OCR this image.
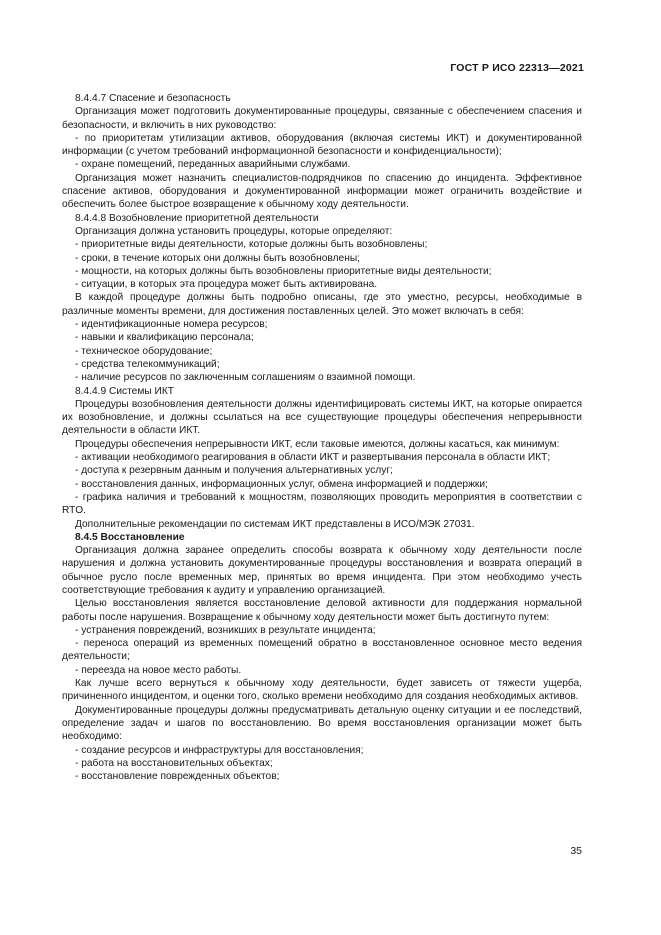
ГОСТ Р ИСО 22313—2021

8.4.4.7 Спасение и безопасность

Организация может подготовить документированные процедуры, связанные с обеспечением спасения и безопасности, и включить в них руководство:

- по приоритетам утилизации активов, оборудования (включая системы ИКТ) и документированной информации (с учетом требований информационной безопасности и конфиденциальности);

- охране помещений, переданных аварийными службами.

Организация может назначить специалистов-подрядчиков по спасению до инцидента. Эффективное спасение активов, оборудования и документированной информации может ограничить воздействие и обеспечить более быстрое возвращение к обычному ходу деятельности.

8.4.4.8 Возобновление приоритетной деятельности

Организация должна установить процедуры, которые определяют:

- приоритетные виды деятельности, которые должны быть возобновлены;

- сроки, в течение которых они должны быть возобновлены;

- мощности, на которых должны быть возобновлены приоритетные виды деятельности;

- ситуации, в которых эта процедура может быть активирована.

В каждой процедуре должны быть подробно описаны, где это уместно, ресурсы, необходимые в различные моменты времени, для достижения поставленных целей. Это может включать в себя:

- идентификационные номера ресурсов;

- навыки и квалификацию персонала;

- техническое оборудование;

- средства телекоммуникаций;

- наличие ресурсов по заключенным соглашениям о взаимной помощи.

8.4.4.9 Системы ИКТ

Процедуры возобновления деятельности должны идентифицировать системы ИКТ, на которые опирается их возобновление, и должны ссылаться на все существующие процедуры обеспечения непрерывности деятельности в области ИКТ.

Процедуры обеспечения непрерывности ИКТ, если таковые имеются, должны касаться, как минимум:

- активации необходимого реагирования в области ИКТ и развертывания персонала в области ИКТ;

- доступа к резервным данным и получения альтернативных услуг;

- восстановления данных, информационных услуг, обмена информацией и поддержки;

- графика наличия и требований к мощностям, позволяющих проводить мероприятия в соответствии с RTO.

Дополнительные рекомендации по системам ИКТ представлены в ИСО/МЭК 27031.

8.4.5 Восстановление

Организация должна заранее определить способы возврата к обычному ходу деятельности после нарушения и должна установить документированные процедуры восстановления и возврата операций в обычное русло после временных мер, принятых во время инцидента. При этом необходимо учесть соответствующие требования к аудиту и управлению организацией.

Целью восстановления является восстановление деловой активности для поддержания нормальной работы после нарушения. Возвращение к обычному ходу деятельности может быть достигнуто путем:

- устранения повреждений, возникших в результате инцидента;

- переноса операций из временных помещений обратно в восстановленное основное место ведения деятельности;

- переезда на новое место работы.

Как лучше всего вернуться к обычному ходу деятельности, будет зависеть от тяжести ущерба, причиненного инцидентом, и оценки того, сколько времени необходимо для создания необходимых активов.

Документированные процедуры должны предусматривать детальную оценку ситуации и ее последствий, определение задач и шагов по восстановлению. Во время восстановления организации может быть необходимо:

- создание ресурсов и инфраструктуры для восстановления;

- работа на восстановительных объектах;

- восстановление поврежденных объектов;

35
